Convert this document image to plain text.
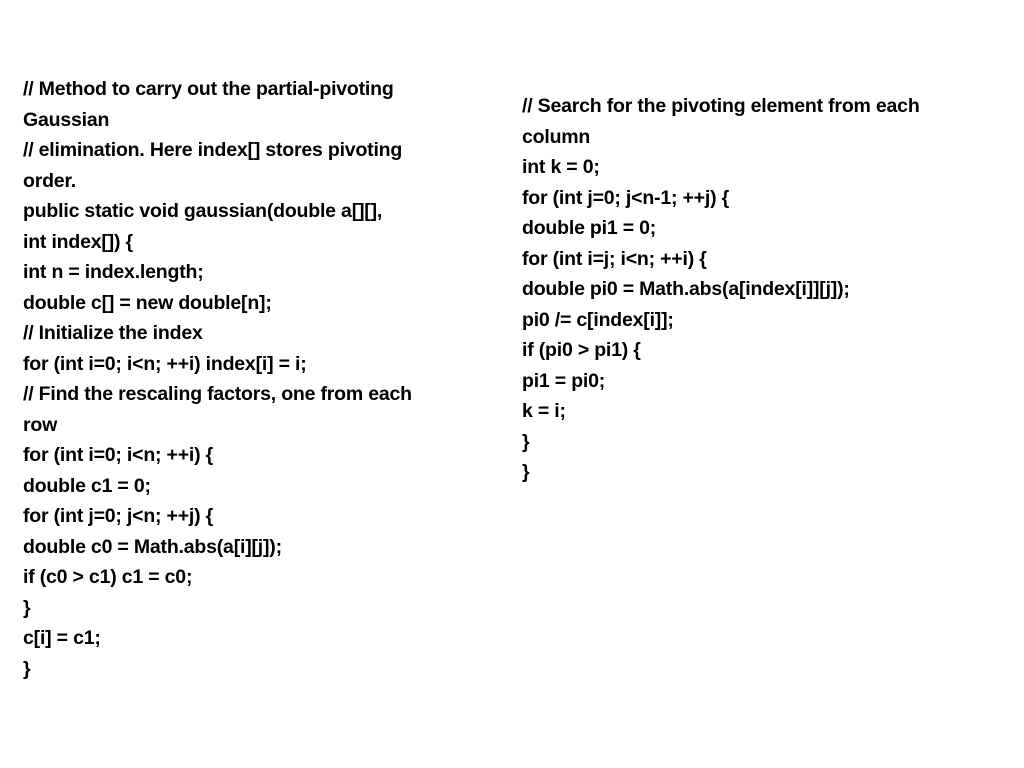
// Method to carry out the partial-pivoting
Gaussian
// elimination. Here index[] stores pivoting
order.
public static void gaussian(double a[][],
int index[]) {
int n = index.length;
double c[] = new double[n];
// Initialize the index
for (int i=0; i<n; ++i) index[i] = i;
// Find the rescaling factors, one from each
row
for (int i=0; i<n; ++i) {
double c1 = 0;
for (int j=0; j<n; ++j) {
double c0 = Math.abs(a[i][j]);
if (c0 > c1) c1 = c0;
}
c[i] = c1;
}
// Search for the pivoting element from each
column
int k = 0;
for (int j=0; j<n-1; ++j) {
double pi1 = 0;
for (int i=j; i<n; ++i) {
double pi0 = Math.abs(a[index[i]][j]);
pi0 /= c[index[i]];
if (pi0 > pi1) {
pi1 = pi0;
k = i;
}
}
